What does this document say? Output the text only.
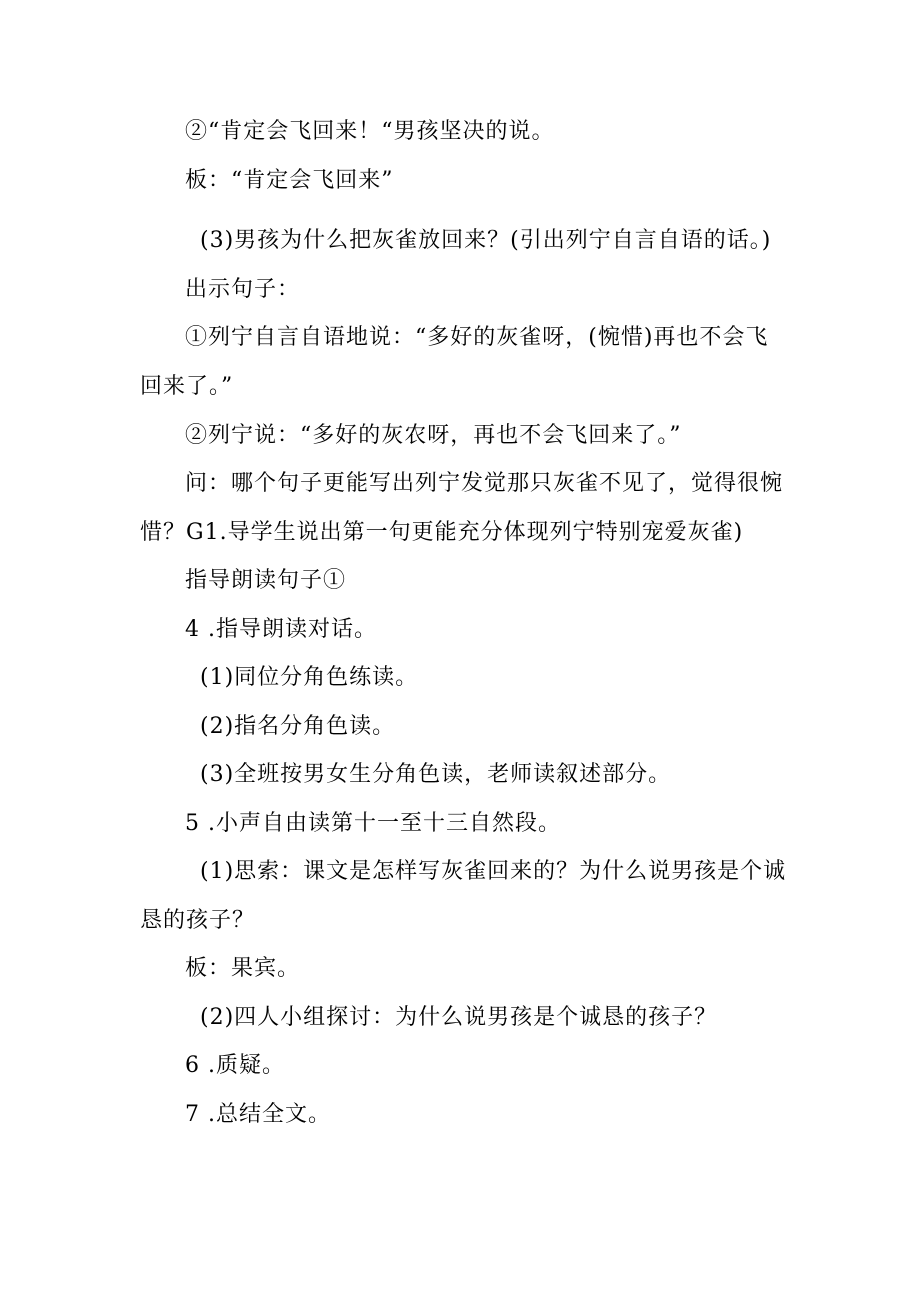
②“肯定会飞回来！“男孩坚决的说。
板：“肯定会飞回来”
(3)男孩为什么把灰雀放回来？(引出列宁自言自语的话。)
出示句子：
①列宁自言自语地说：“多好的灰雀呀，(惋惜)再也不会飞
回来了。”
②列宁说：“多好的灰农呀，再也不会飞回来了。”
问：哪个句子更能写出列宁发觉那只灰雀不见了，觉得很惋
惜？G1.导学生说出第一句更能充分体现列宁特别宠爱灰雀)
指导朗读句子①
4 .指导朗读对话。
(1)同位分角色练读。
(2)指名分角色读。
(3)全班按男女生分角色读，老师读叙述部分。
5 .小声自由读第十一至十三自然段。
(1)思索：课文是怎样写灰雀回来的？为什么说男孩是个诚
恳的孩子？
板：果宾。
(2)四人小组探讨：为什么说男孩是个诚恳的孩子？
6 .质疑。
7 .总结全文。
